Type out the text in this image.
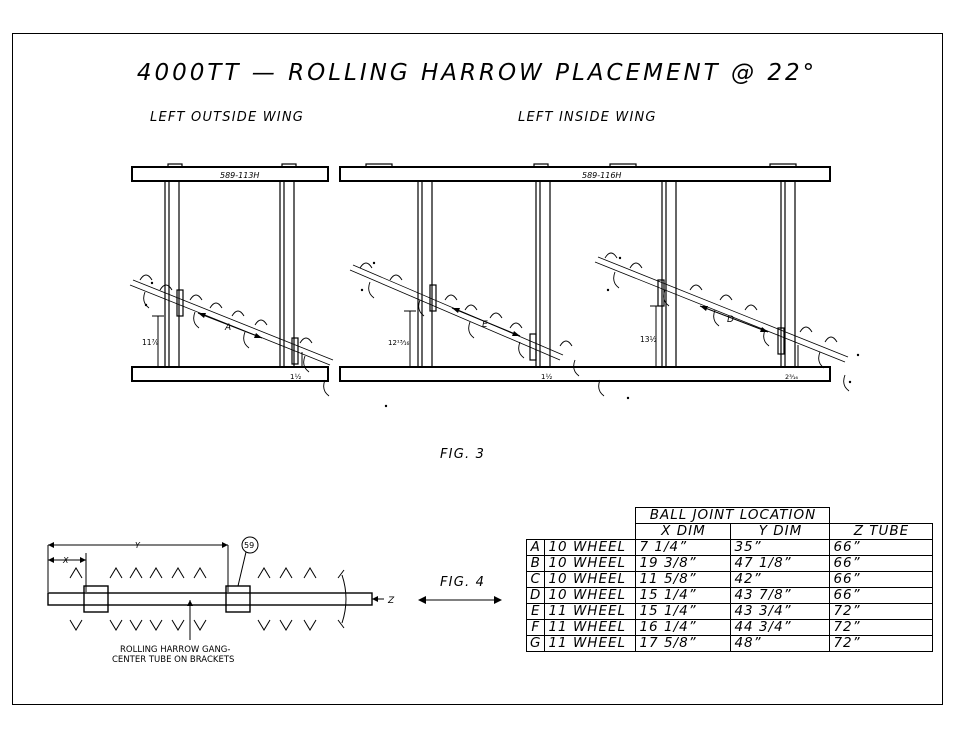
4000TT — ROLLING HARROW PLACEMENT @ 22°
LEFT OUTSIDE WING	LEFT INSIDE WING
FIG. 3
FIG. 4
589-113H	589-116H
A	E	D
11⅞	12¹³⁄₁₆	13½
1½	1½	2³⁄₁₆
X
Y
Z
59
ROLLING HARROW GANG-
CENTER TUBE ON BRACKETS
		BALL JOINT LOCATION		
		X DIM	Y DIM	Z TUBE
A	10 WHEEL	7 1/4”	35”	66”
B	10 WHEEL	19 3/8”	47 1/8”	66”
C	10 WHEEL	11 5/8”	42”	66”
D	10 WHEEL	15 1/4”	43 7/8”	66”
E	11 WHEEL	15 1/4”	43 3/4”	72”
F	11 WHEEL	16 1/4”	44 3/4”	72”
G	11 WHEEL	17 5/8”	48”	72”
